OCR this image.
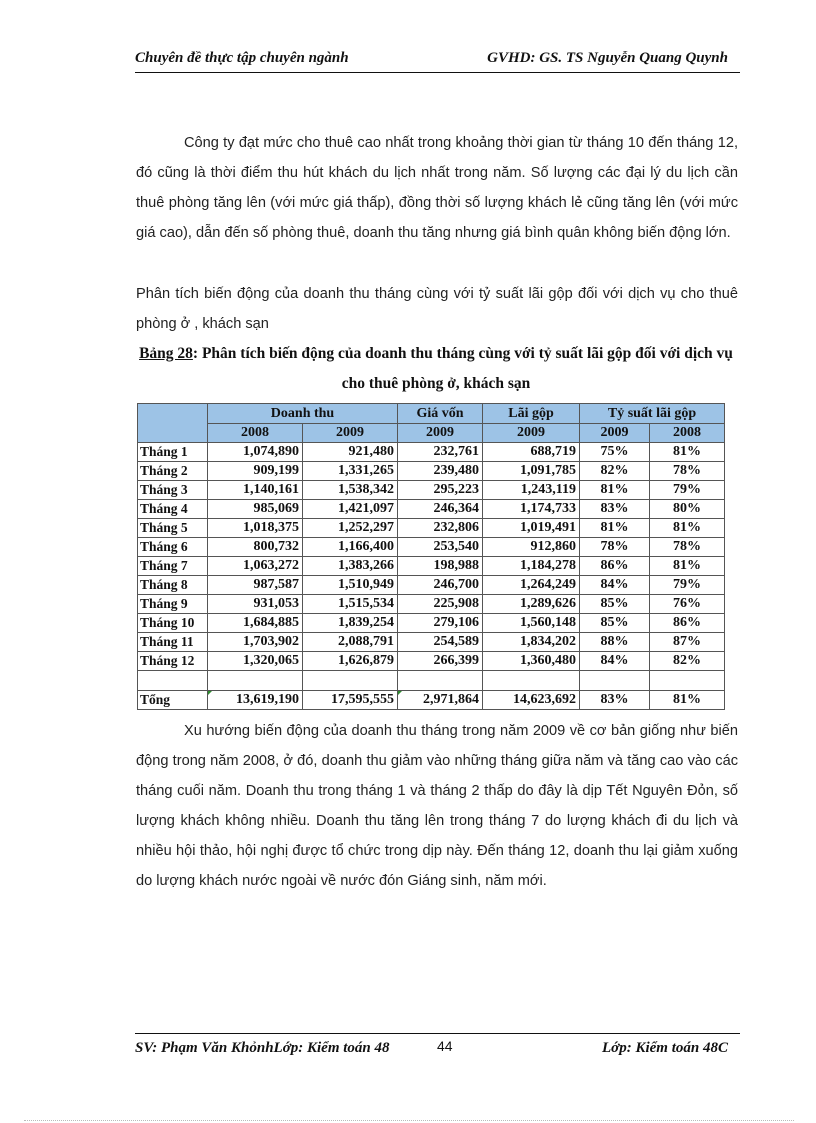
Chuyên đề thực tập chuyên ngành	GVHD: GS. TS Nguyễn Quang Quynh
Công ty đạt mức cho thuê cao nhất trong khoảng thời gian từ tháng 10 đến tháng 12, đó cũng là thời điểm thu hút khách du lịch nhất trong năm. Số lượng các đại lý du lịch cần thuê phòng tăng lên (với mức giá thấp), đồng thời số lượng khách lẻ cũng tăng lên (với mức giá cao), dẫn đến số phòng thuê, doanh thu tăng nhưng giá bình quân không biến động lớn.
Phân tích biến động của doanh thu tháng cùng với tỷ suất lãi gộp đối với dịch vụ cho thuê phòng ở , khách sạn
Bảng 28: Phân tích biến động của doanh thu tháng cùng với tỷ suất lãi gộp đối với dịch vụ cho thuê phòng ở, khách sạn
	Doanh thu		Giá vốn	Lãi gộp	Tỷ suất lãi gộp	
	2008	2009	2009	2009	2009	2008
Tháng 1	1,074,890	921,480	232,761	688,719	75%	81%
Tháng 2	909,199	1,331,265	239,480	1,091,785	82%	78%
Tháng 3	1,140,161	1,538,342	295,223	1,243,119	81%	79%
Tháng 4	985,069	1,421,097	246,364	1,174,733	83%	80%
Tháng 5	1,018,375	1,252,297	232,806	1,019,491	81%	81%
Tháng 6	800,732	1,166,400	253,540	912,860	78%	78%
Tháng 7	1,063,272	1,383,266	198,988	1,184,278	86%	81%
Tháng 8	987,587	1,510,949	246,700	1,264,249	84%	79%
Tháng 9	931,053	1,515,534	225,908	1,289,626	85%	76%
Tháng 10	1,684,885	1,839,254	279,106	1,560,148	85%	86%
Tháng 11	1,703,902	2,088,791	254,589	1,834,202	88%	87%
Tháng 12	1,320,065	1,626,879	266,399	1,360,480	84%	82%

Tổng	13,619,190	17,595,555	2,971,864	14,623,692	83%	81%
Xu hướng biến động của doanh thu tháng trong năm 2009 về cơ bản giống như biến động trong năm 2008, ở đó, doanh thu giảm vào những tháng giữa năm và tăng cao vào các tháng cuối năm. Doanh thu trong tháng 1 và tháng 2 thấp do đây là dịp Tết Nguyên Đỏn, số lượng khách không nhiều. Doanh thu tăng lên trong tháng 7 do lượng khách đi du lịch và nhiều hội thảo, hội nghị được tổ chức trong dịp này. Đến tháng 12, doanh thu lại giảm xuống do lượng khách nước ngoài về nước đón Giáng sinh, năm mới.
SV: Phạm Văn KhỏnhLớp: Kiểm toán 48	44	Lớp: Kiểm toán 48C
